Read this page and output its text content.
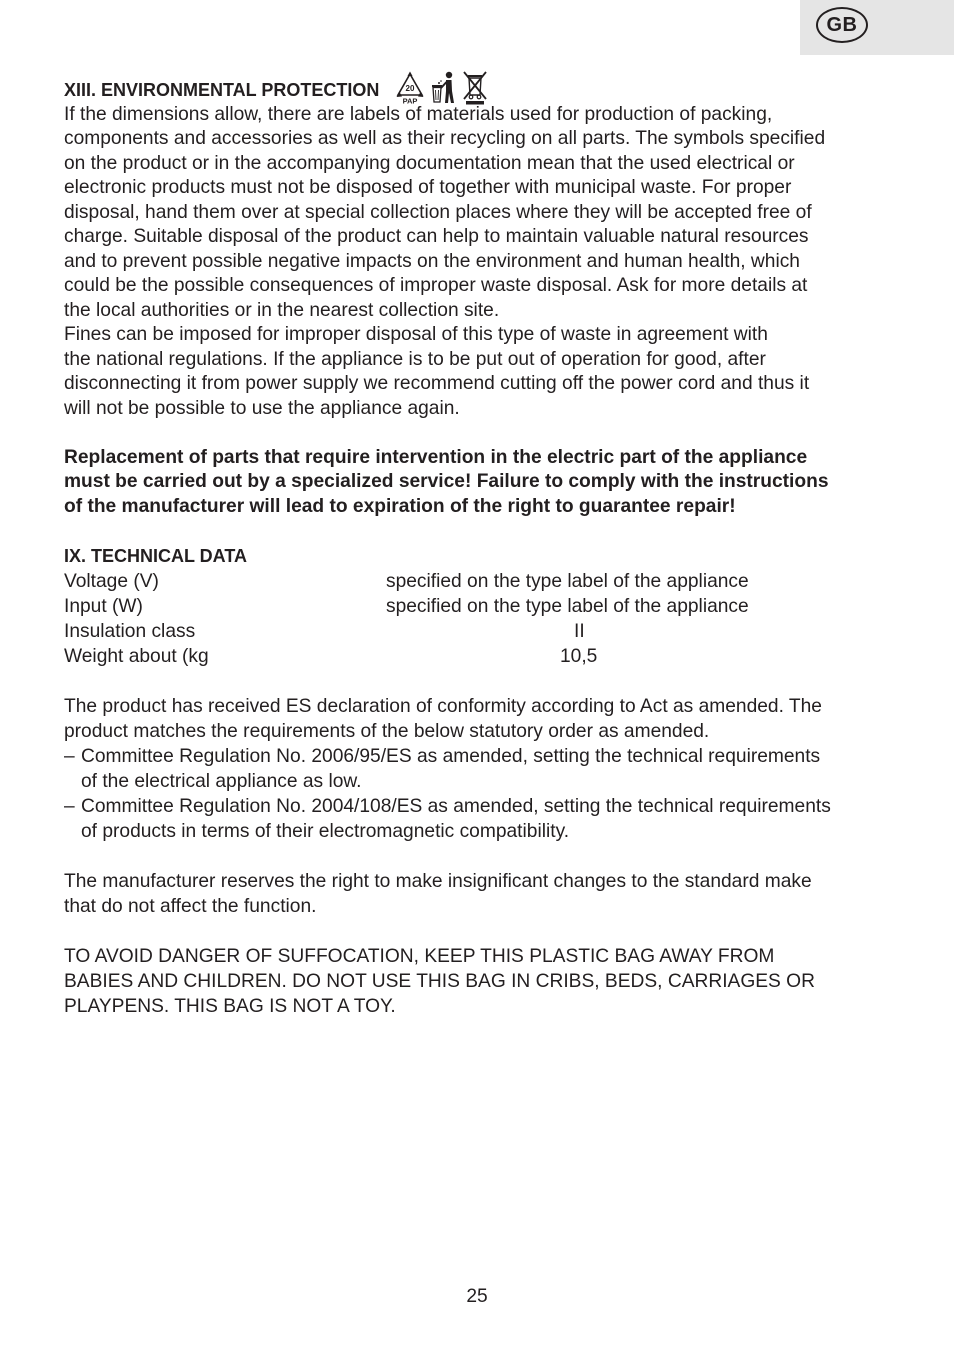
GB
XIII. ENVIRONMENTAL PROTECTION	20
PAP

If the dimensions allow, there are labels of materials used for production of packing,

components and accessories as well as their recycling on all parts. The symbols specified

on the product or in the accompanying documentation mean that the used electrical or

electronic products must not be disposed of together with municipal waste. For proper

disposal, hand them over at special collection places where they will be accepted free of

charge. Suitable disposal of the product can help to maintain valuable natural resources

and to prevent possible negative impacts on the environment and human health, which

could be the possible consequences of improper waste disposal. Ask for more details at

the local authorities or in the nearest collection site.

Fines can be imposed for improper disposal of this type of waste in agreement with

the national regulations. If the appliance is to be put out of operation for good, after

disconnecting it from power supply we recommend cutting off the power cord and thus it

will not be possible to use the appliance again.

Replacement of parts that require intervention in the electric part of the appliance

must be carried out by a specialized service! Failure to comply with the instructions

of the manufacturer will lead to expiration of the right to guarantee repair!

IX. TECHNICAL DATA
Voltage (V)	specified on the type label of the appliance
Input (W)	specified on the type label of the appliance
Insulation class	II
Weight about (kg	10,5

The product has received ES declaration of conformity according to Act as amended. The

product matches the requirements of the below statutory order as amended.

– Committee Regulation No. 2006/95/ES as amended, setting the technical requirements

of the electrical appliance as low.

– Committee Regulation No. 2004/108/ES as amended, setting the technical requirements

of products in terms of their electromagnetic compatibility.

The manufacturer reserves the right to make insignificant changes to the standard make

that do not affect the function.

TO AVOID DANGER OF SUFFOCATION, KEEP THIS PLASTIC BAG AWAY FROM

BABIES AND CHILDREN. DO NOT USE THIS BAG IN CRIBS, BEDS, CARRIAGES OR

PLAYPENS. THIS BAG IS NOT A TOY.

25
